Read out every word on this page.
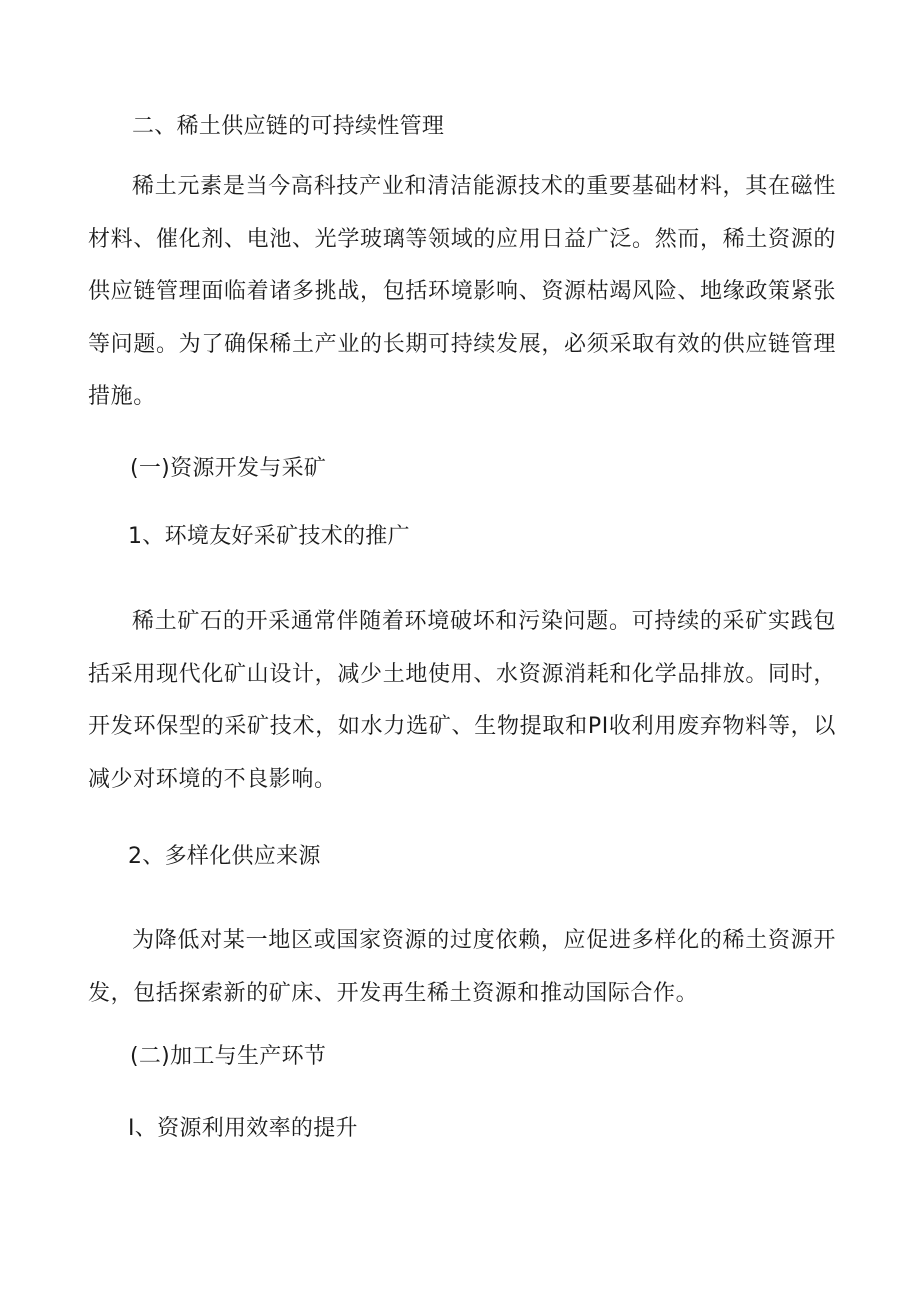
二、稀土供应链的可持续性管理

稀土元素是当今高科技产业和清洁能源技术的重要基础材料，其在磁性材料、催化剂、电池、光学玻璃等领域的应用日益广泛。然而，稀土资源的供应链管理面临着诸多挑战，包括环境影响、资源枯竭风险、地缘政策紧张等问题。为了确保稀土产业的长期可持续发展，必须采取有效的供应链管理措施。

(一)资源开发与采矿
1、环境友好采矿技术的推广

稀土矿石的开采通常伴随着环境破坏和污染问题。可持续的采矿实践包括采用现代化矿山设计，减少土地使用、水资源消耗和化学品排放。同时，开发环保型的采矿技术，如水力选矿、生物提取和PI收利用废弃物料等，以减少对环境的不良影响。

2、多样化供应来源

为降低对某一地区或国家资源的过度依赖，应促进多样化的稀土资源开发，包括探索新的矿床、开发再生稀土资源和推动国际合作。

(二)加工与生产环节
I、资源利用效率的提升
